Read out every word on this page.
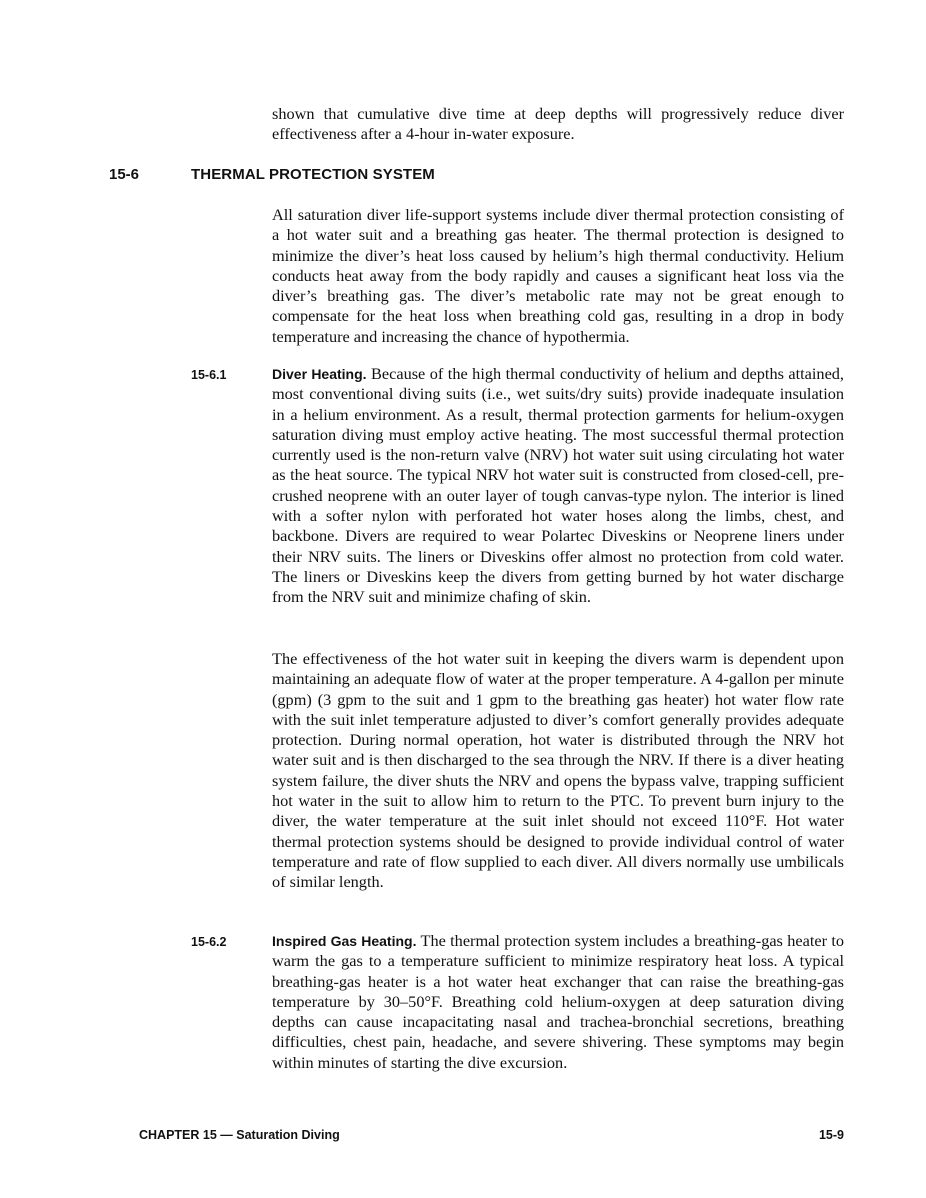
shown that cumulative dive time at deep depths will progressively reduce diver effectiveness after a 4-hour in-water exposure.

15-6	THERMAL PROTECTION SYSTEM

All saturation diver life-support systems include diver thermal protection consisting of a hot water suit and a breathing gas heater. The thermal protection is designed to minimize the diver’s heat loss caused by helium’s high thermal conductivity. Helium conducts heat away from the body rapidly and causes a significant heat loss via the diver’s breathing gas. The diver’s metabolic rate may not be great enough to compensate for the heat loss when breathing cold gas, resulting in a drop in body temperature and increasing the chance of hypothermia.

15-6.1	Diver Heating. Because of the high thermal conductivity of helium and depths attained, most conventional diving suits (i.e., wet suits/dry suits) provide inadequate insulation in a helium environment. As a result, thermal protection garments for helium-oxygen saturation diving must employ active heating. The most successful thermal protection currently used is the non-return valve (NRV) hot water suit using circulating hot water as the heat source. The typical NRV hot water suit is constructed from closed-cell, pre-crushed neoprene with an outer layer of tough canvas-type nylon. The interior is lined with a softer nylon with perforated hot water hoses along the limbs, chest, and backbone. Divers are required to wear Polartec Diveskins or Neoprene liners under their NRV suits. The liners or Diveskins offer almost no protection from cold water. The liners or Diveskins keep the divers from getting burned by hot water discharge from the NRV suit and minimize chafing of skin.

The effectiveness of the hot water suit in keeping the divers warm is dependent upon maintaining an adequate flow of water at the proper temperature. A 4-gallon per minute (gpm) (3 gpm to the suit and 1 gpm to the breathing gas heater) hot water flow rate with the suit inlet temperature adjusted to diver’s comfort generally provides adequate protection. During normal operation, hot water is distributed through the NRV hot water suit and is then discharged to the sea through the NRV. If there is a diver heating system failure, the diver shuts the NRV and opens the bypass valve, trapping sufficient hot water in the suit to allow him to return to the PTC. To prevent burn injury to the diver, the water temperature at the suit inlet should not exceed 110°F. Hot water thermal protection systems should be designed to provide individual control of water temperature and rate of flow supplied to each diver. All divers normally use umbilicals of similar length.

15-6.2	Inspired Gas Heating. The thermal protection system includes a breathing-gas heater to warm the gas to a temperature sufficient to minimize respiratory heat loss. A typical breathing-gas heater is a hot water heat exchanger that can raise the breathing-gas temperature by 30–50°F. Breathing cold helium-oxygen at deep saturation diving depths can cause incapacitating nasal and trachea-bronchial secretions, breathing difficulties, chest pain, headache, and severe shivering. These symptoms may begin within minutes of starting the dive excursion.

CHAPTER 15 — Saturation Diving	15-9
